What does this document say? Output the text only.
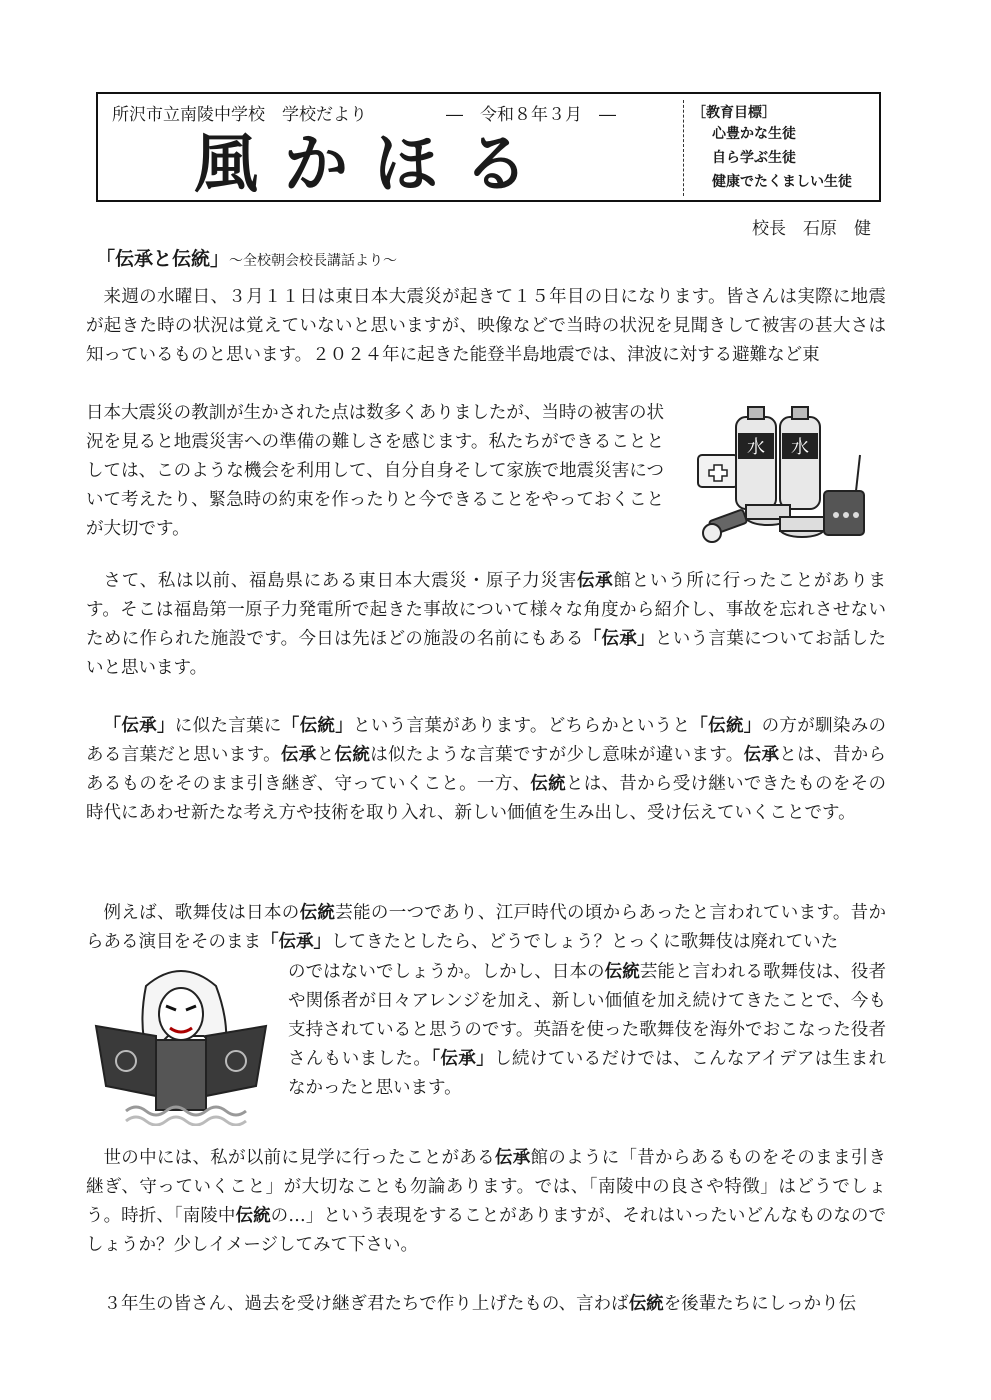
所沢市立南陵中学校　学校だより	―　令和８年３月　―
風かほる
［教育目標］
心豊かな生徒
自ら学ぶ生徒
健康でたくましい生徒
校長　石原　健
「伝承と伝統」～全校朝会校長講話より～

来週の水曜日、３月１１日は東日本大震災が起きて１５年目の日になります。皆さんは実際に地震が起きた時の状況は覚えていないと思いますが、映像などで当時の状況を見聞きして被害の甚大さは知っているものと思います。２０２４年に起きた能登半島地震では、津波に対する避難など東

日本大震災の教訓が生かされた点は数多くありましたが、当時の被害の状況を見ると地震災害への準備の難しさを感じます。私たちができることとしては、このような機会を利用して、自分自身そして家族で地震災害について考えたり、緊急時の約束を作ったりと今できることをやっておくことが大切です。

さて、私は以前、福島県にある東日本大震災・原子力災害伝承館という所に行ったことがあります。そこは福島第一原子力発電所で起きた事故について様々な角度から紹介し、事故を忘れさせないために作られた施設です。今日は先ほどの施設の名前にもある「伝承」という言葉についてお話したいと思います。

「伝承」に似た言葉に「伝統」という言葉があります。どちらかというと「伝統」の方が馴染みのある言葉だと思います。伝承と伝統は似たような言葉ですが少し意味が違います。伝承とは、昔からあるものをそのまま引き継ぎ、守っていくこと。一方、伝統とは、昔から受け継いできたものをその時代にあわせ新たな考え方や技術を取り入れ、新しい価値を生み出し、受け伝えていくことです。

例えば、歌舞伎は日本の伝統芸能の一つであり、江戸時代の頃からあったと言われています。昔からある演目をそのまま「伝承」してきたとしたら、どうでしょう？とっくに歌舞伎は廃れていた

のではないでしょうか。しかし、日本の伝統芸能と言われる歌舞伎は、役者や関係者が日々アレンジを加え、新しい価値を加え続けてきたことで、今も支持されていると思うのです。英語を使った歌舞伎を海外でおこなった役者さんもいました。「伝承」し続けているだけでは、こんなアイデアは生まれなかったと思います。

世の中には、私が以前に見学に行ったことがある伝承館のように「昔からあるものをそのまま引き継ぎ、守っていくこと」が大切なことも勿論あります。では、「南陵中の良さや特徴」はどうでしょう。時折、「南陵中伝統の…」という表現をすることがありますが、それはいったいどんなものなのでしょうか？少しイメージしてみて下さい。

３年生の皆さん、過去を受け継ぎ君たちで作り上げたもの、言わば伝統を後輩たちにしっかり伝

水 水
